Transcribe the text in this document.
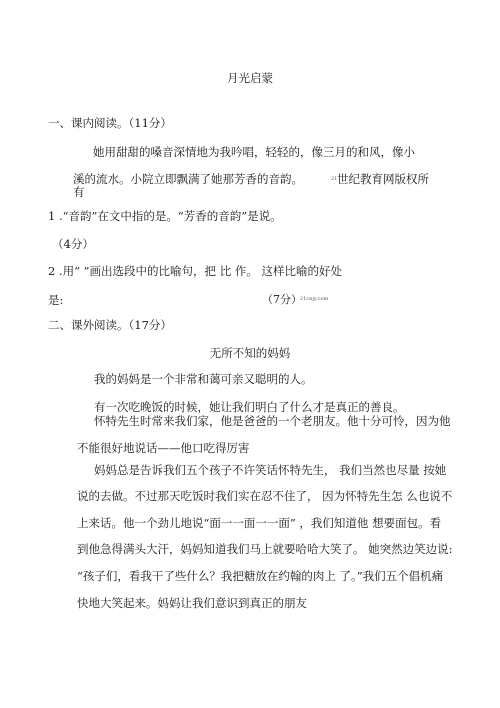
月光启蒙
一、课内阅读。（11分）
她用甜甜的嗓音深情地为我吟唱，轻轻的，像三月的和风，像小
溪的流水。小院立即飘满了她那芳香的音韵。	21 世纪教育网版权所
有
1 .“音韵”在文中指的是。“芳香的音韵”是说。
（4分）
2 .用“ ”画出选段中的比喻句，把 比 作。 这样比喻的好处
是:	（7分）
21cnjy.com
二、课外阅读。（17分）
无所不知的妈妈
我的妈妈是一个非常和蔼可亲又聪明的人。
有一次吃晚饭的时候，她让我们明白了什么才是真正的善良。
怀特先生时常来我们家，他是爸爸的一个老朋友。他十分可怜，因为他
不能很好地说话——他口吃得厉害
妈妈总是告诉我们五个孩子不许笑话怀特先生， 我们当然也尽量 按她
说的去做。不过那天吃饭时我们实在忍不住了， 因为怀特先生怎 么也说不
上来话。他一个劲儿地说“面一一面一一面” ，我们知道他 想要面包。看
到他急得满头大汗，妈妈知道我们马上就要哈哈大笑了。 她突然边笑边说:
“孩子们，看我干了些什么？我把糖放在约翰的肉上 了。”我们五个倡机痛
快地大笑起来。妈妈让我们意识到真正的朋友
